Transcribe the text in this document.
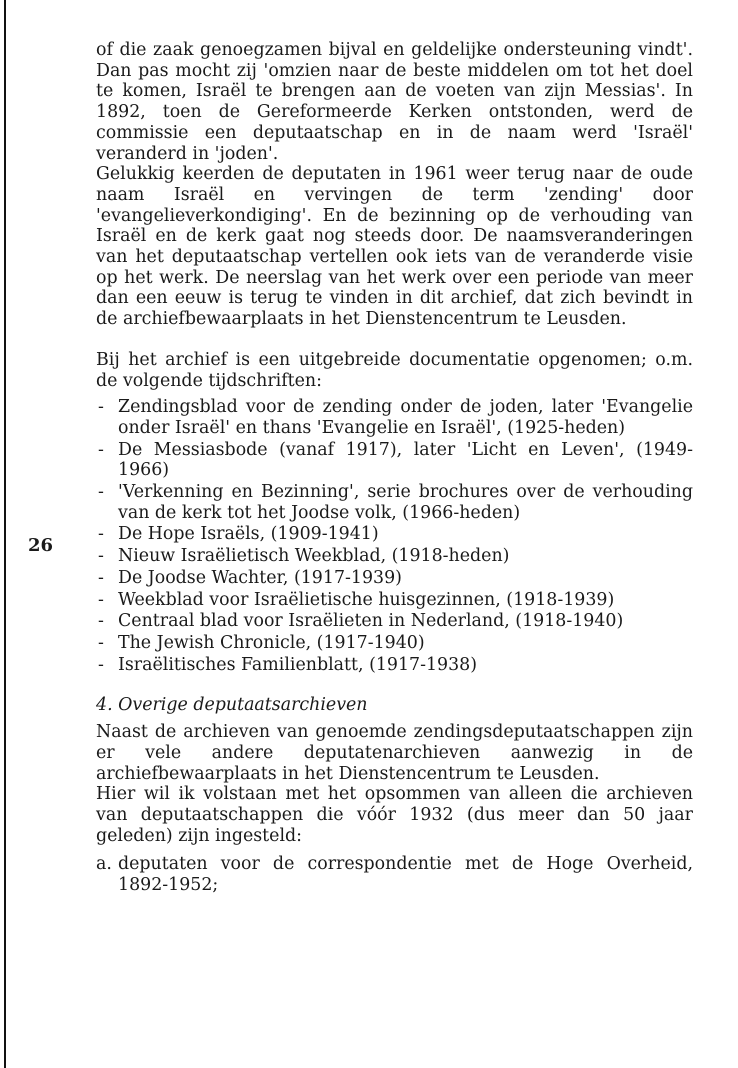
26

of die zaak genoegzamen bijval en geldelijke ondersteuning vindt'. Dan pas mocht zij 'omzien naar de beste middelen om tot het doel te komen, Israël te brengen aan de voeten van zijn Messias'. In 1892, toen de Gereformeerde Kerken ontstonden, werd de commissie een deputaatschap en in de naam werd 'Israël' veranderd in 'joden'.

Gelukkig keerden de deputaten in 1961 weer terug naar de oude naam Israël en vervingen de term 'zending' door 'evangelieverkondiging'. En de bezinning op de verhouding van Israël en de kerk gaat nog steeds door. De naamsveranderingen van het deputaatschap vertellen ook iets van de veranderde visie op het werk. De neerslag van het werk over een periode van meer dan een eeuw is terug te vinden in dit archief, dat zich bevindt in de archiefbewaarplaats in het Dienstencentrum te Leusden.

Bij het archief is een uitgebreide documentatie opgenomen; o.m. de volgende tijdschriften:

- Zendingsblad voor de zending onder de joden, later 'Evangelie onder Israël' en thans 'Evangelie en Israël', (1925-heden)
- De Messiasbode (vanaf 1917), later 'Licht en Leven', (1949-1966)
- 'Verkenning en Bezinning', serie brochures over de verhouding van de kerk tot het Joodse volk, (1966-heden)
- De Hope Israëls, (1909-1941)
- Nieuw Israëlietisch Weekblad, (1918-heden)
- De Joodse Wachter, (1917-1939)
- Weekblad voor Israëlietische huisgezinnen, (1918-1939)
- Centraal blad voor Israëlieten in Nederland, (1918-1940)
- The Jewish Chronicle, (1917-1940)
- Israëlitisches Familienblatt, (1917-1938)
4. Overige deputaatsarchieven

Naast de archieven van genoemde zendingsdeputaatschappen zijn er vele andere deputatenarchieven aanwezig in de archiefbewaarplaats in het Dienstencentrum te Leusden.

Hier wil ik volstaan met het opsommen van alleen die archieven van deputaatschappen die vóór 1932 (dus meer dan 50 jaar geleden) zijn ingesteld:

a. deputaten voor de correspondentie met de Hoge Overheid, 1892-1952;
